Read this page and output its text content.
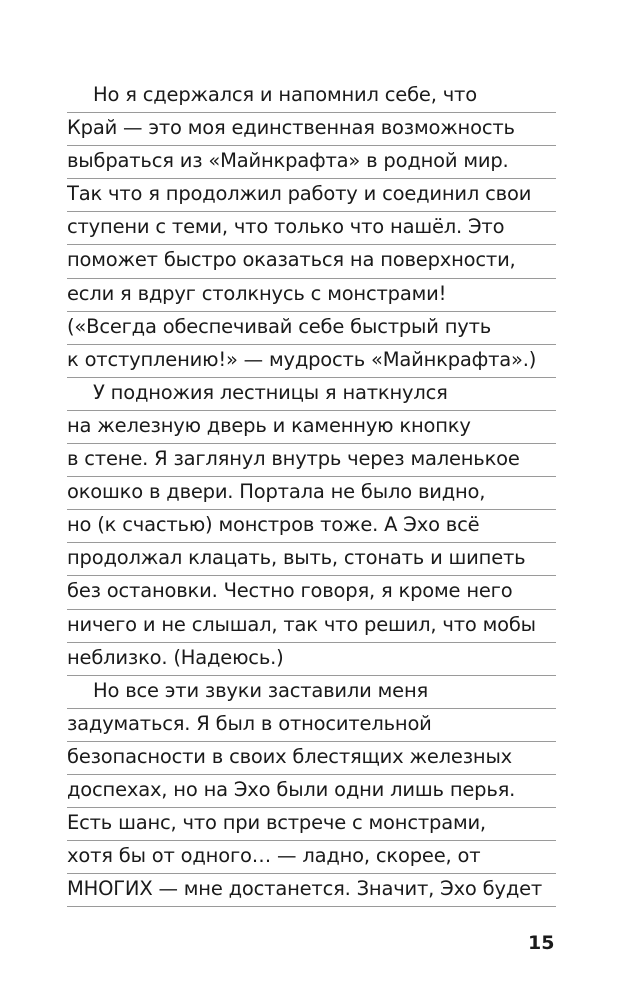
Но я сдержался и напомнил себе, что
Край — это моя единственная возможность
выбраться из «Майнкрафта» в родной мир.
Так что я продолжил работу и соединил свои
ступени с теми, что только что нашёл. Это
поможет быстро оказаться на поверхности,
если я вдруг столкнусь с монстрами!
(«Всегда обеспечивай себе быстрый путь
к отступлению!» — мудрость «Майнкрафта».)
У подножия лестницы я наткнулся
на железную дверь и каменную кнопку
в стене. Я заглянул внутрь через маленькое
окошко в двери. Портала не было видно,
но (к счастью) монстров тоже. А Эхо всё
продолжал клацать, выть, стонать и шипеть
без остановки. Честно говоря, я кроме него
ничего и не слышал, так что решил, что мобы
неблизко. (Надеюсь.)
Но все эти звуки заставили меня
задуматься. Я был в относительной
безопасности в своих блестящих железных
доспехах, но на Эхо были одни лишь перья.
Есть шанс, что при встрече с монстрами,
хотя бы от одного… — ладно, скорее, от
МНОГИХ — мне достанется. Значит, Эхо будет
15
